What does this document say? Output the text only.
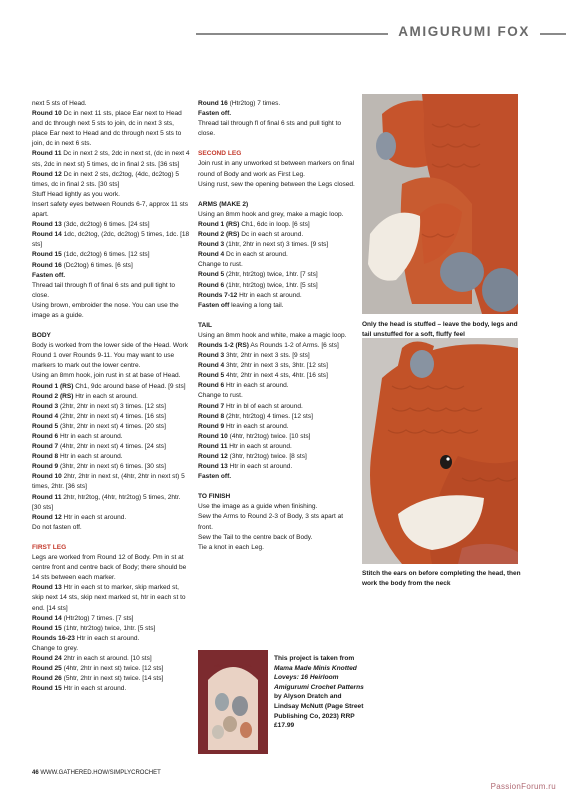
AMIGURUMI FOX

next 5 sts of Head.

Round 10 Dc in next 11 sts, place Ear next to Head and dc through next 5 sts to join, dc in next 3 sts, place Ear next to Head and dc through next 5 sts to join, dc in next 6 sts.

Round 11 Dc in next 2 sts, 2dc in next st, (dc in next 4 sts, 2dc in next st) 5 times, dc in final 2 sts. [36 sts]

Round 12 Dc in next 2 sts, dc2tog, (4dc, dc2tog) 5 times, dc in final 2 sts. [30 sts]

Stuff Head lightly as you work.

Insert safety eyes between Rounds 6-7, approx 11 sts apart.

Round 13 (3dc, dc2tog) 6 times. [24 sts]

Round 14 1dc, dc2tog, (2dc, dc2tog) 5 times, 1dc. [18 sts]

Round 15 (1dc, dc2tog) 6 times. [12 sts]

Round 16 (Dc2tog) 6 times. [6 sts]

Fasten off.

Thread tail through fl of final 6 sts and pull tight to close.

Using brown, embroider the nose. You can use the image as a guide.

BODY

Body is worked from the lower side of the Head. Work Round 1 over Rounds 9-11. You may want to use markers to mark out the lower centre.

Using an 8mm hook, join rust in st at base of Head.

Round 1 (RS) Ch1, 9dc around base of Head. [9 sts]

Round 2 (RS) Htr in each st around.

Round 3 (2htr, 2htr in next st) 3 times. [12 sts]

Round 4 (2htr, 2htr in next st) 4 times. [16 sts]

Round 5 (3htr, 2htr in next st) 4 times. [20 sts]

Round 6 Htr in each st around.

Round 7 (4htr, 2htr in next st) 4 times. [24 sts]

Round 8 Htr in each st around.

Round 9 (3htr, 2htr in next st) 6 times. [30 sts]

Round 10 2htr, 2htr in next st, (4htr, 2htr in next st) 5 times, 2htr. [36 sts]

Round 11 2htr, htr2tog, (4htr, htr2tog) 5 times, 2htr. [30 sts]

Round 12 Htr in each st around.

Do not fasten off.

FIRST LEG

Legs are worked from Round 12 of Body. Pm in st at centre front and centre back of Body; there should be 14 sts between each marker.

Round 13 Htr in each st to marker, skip marked st, skip next 14 sts, skip next marked st, htr in each st to end. [14 sts]

Round 14 (Htr2tog) 7 times. [7 sts]

Round 15 (1htr, htr2tog) twice, 1htr. [5 sts]

Rounds 16-23 Htr in each st around.

Change to grey.

Round 24 2htr in each st around. [10 sts]

Round 25 (4htr, 2htr in next st) twice. [12 sts]

Round 26 (5htr, 2htr in next st) twice. [14 sts]

Round 15 Htr in each st around.

Round 16 (Htr2tog) 7 times.

Fasten off.

Thread tail through fl of final 6 sts and pull tight to close.

SECOND LEG

Join rust in any unworked st between markers on final round of Body and work as First Leg.

Using rust, sew the opening between the Legs closed.

ARMS (MAKE 2)

Using an 8mm hook and grey, make a magic loop.

Round 1 (RS) Ch1, 6dc in loop. [6 sts]

Round 2 (RS) Dc in each st around.

Round 3 (1htr, 2htr in next st) 3 times. [9 sts]

Round 4 Dc in each st around.

Change to rust.

Round 5 (2htr, htr2tog) twice, 1htr. [7 sts]

Round 6 (1htr, htr2tog) twice, 1htr. [5 sts]

Rounds 7-12 Htr in each st around.

Fasten off leaving a long tail.

TAIL

Using an 8mm hook and white, make a magic loop.

Rounds 1-2 (RS) As Rounds 1-2 of Arms. [6 sts]

Round 3 3htr, 2htr in next 3 sts. [9 sts]

Round 4 3htr, 2htr in next 3 sts, 3htr. [12 sts]

Round 5 4htr, 2htr in next 4 sts, 4htr. [16 sts]

Round 6 Htr in each st around.

Change to rust.

Round 7 Htr in bl of each st around.

Round 8 (2htr, htr2tog) 4 times. [12 sts]

Round 9 Htr in each st around.

Round 10 (4htr, htr2tog) twice. [10 sts]

Round 11 Htr in each st around.

Round 12 (3htr, htr2tog) twice. [8 sts]

Round 13 Htr in each st around.

Fasten off.

TO FINISH

Use the image as a guide when finishing.

Sew the Arms to Round 2-3 of Body, 3 sts apart at front.

Sew the Tail to the centre back of Body.

Tie a knot in each Leg.

Only the head is stuffed – leave the body, legs and tail unstuffed for a soft, fluffy feel
Stitch the ears on before completing the head, then work the body from the neck
KNOTTED LOVEYS
This project is taken from Mama Made Minis Knotted Loveys: 16 Heirloom Amigurumi Crochet Patterns by Alyson Dratch and Lindsay McNutt (Page Street Publishing Co, 2023) RRP £17.99
46 WWW.GATHERED.HOW/SIMPLYCROCHET
PassionForum.ru
